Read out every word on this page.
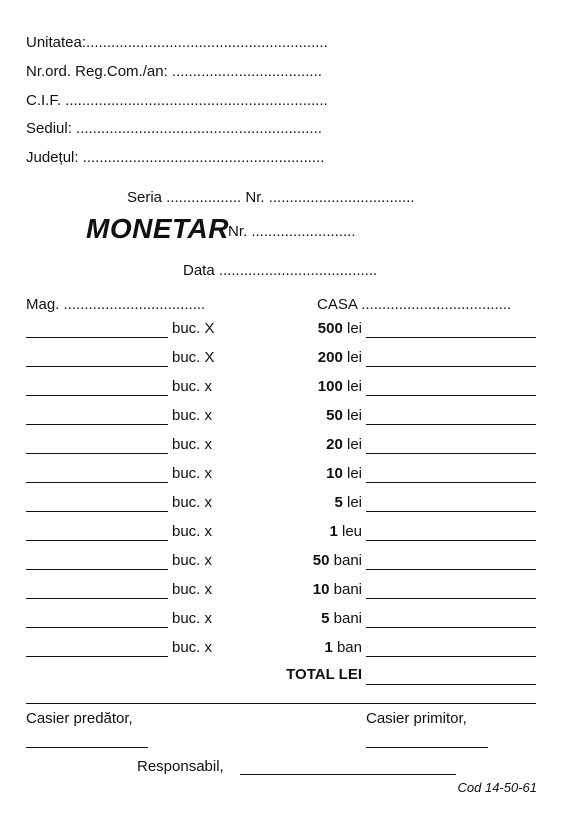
Unitatea:..........................................................
Nr.ord. Reg.Com./an: ....................................
C.I.F. ...............................................................
Sediul: ...........................................................
Județul: ..........................................................
Seria .................. Nr. ...................................
MONETAR Nr. .........................
Data ......................................
Mag. ..................................	CASA ....................................
buc. X	500 lei
buc. X	200 lei
buc. x	100 lei
buc. x	50 lei
buc. x	20 lei
buc. x	10 lei
buc. x	5 lei
buc. x	1 leu
buc. x	50 bani
buc. x	10 bani
buc. x	5 bani
buc. x	1 ban
TOTAL LEI
Casier predător,	Casier primitor,
Responsabil,
Cod 14-50-61
